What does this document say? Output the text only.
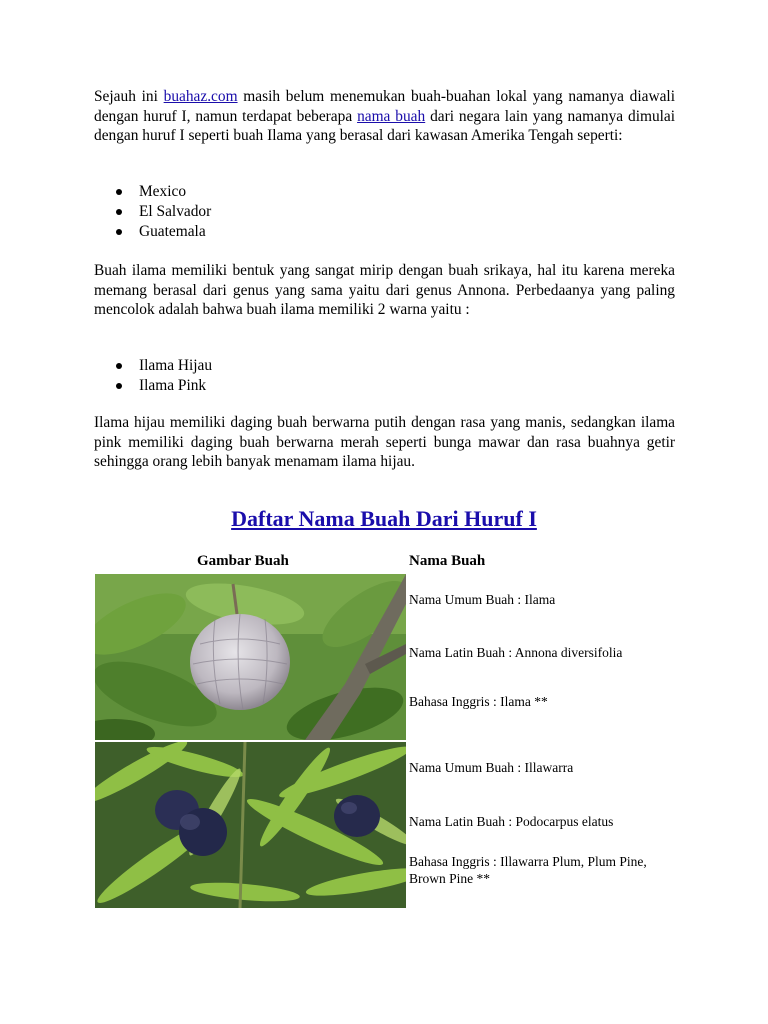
Sejauh ini buahaz.com masih belum menemukan buah-buahan lokal yang namanya diawali dengan huruf I, namun terdapat beberapa nama buah dari negara lain yang namanya dimulai dengan huruf I seperti buah Ilama yang berasal dari kawasan Amerika Tengah seperti:

Mexico
El Salvador
Guatemala

Buah ilama memiliki bentuk yang sangat mirip dengan buah srikaya, hal itu karena mereka memang berasal dari genus yang sama yaitu dari genus Annona. Perbedaanya yang paling mencolok adalah bahwa buah ilama memiliki 2 warna yaitu :

Ilama Hijau
Ilama Pink

Ilama hijau memiliki daging buah berwarna putih dengan rasa yang manis, sedangkan ilama pink memiliki daging buah berwarna merah seperti bunga mawar dan rasa buahnya getir sehingga orang lebih banyak menamam ilama hijau.

Daftar Nama Buah Dari Huruf I
Gambar Buah	Nama Buah
Nama Umum Buah : Ilama
Nama Latin Buah : Annona diversifolia
Bahasa Inggris : Ilama **
Nama Umum Buah : Illawarra
Nama Latin Buah : Podocarpus elatus
Bahasa Inggris : Illawarra Plum, Plum Pine, Brown Pine **
